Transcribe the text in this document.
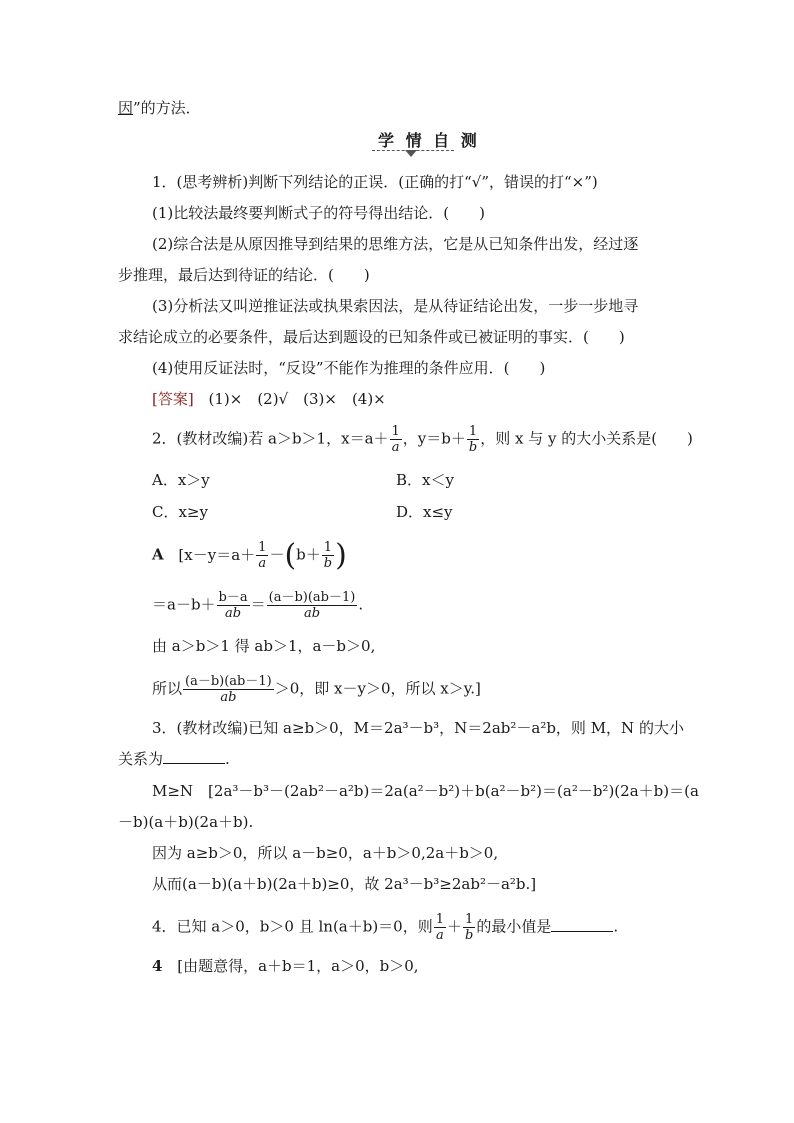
因”的方法．
学 情 自 测
1．(思考辨析)判断下列结论的正误．(正确的打“√”，错误的打“×”)
(1)比较法最终要判断式子的符号得出结论．(　　)
(2)综合法是从原因推导到结果的思维方法，它是从已知条件出发，经过逐
步推理，最后达到待证的结论．(　　)
(3)分析法又叫逆推证法或执果索因法，是从待证结论出发，一步一步地寻
求结论成立的必要条件，最后达到题设的已知条件或已被证明的事实．(　　)
(4)使用反证法时，“反设”不能作为推理的条件应用．(　　)
[答案] (1)×　(2)√　(3)×　(4)×
2．(教材改编)若 a＞b＞1，$x=a+ \frac{1}{a}$ ，$y=b+ \frac{1}{b}$ ，则 x 与 y 的大小关系是(　　)
A．x＞y	B．x＜y
C．x≥y	D．x≤y
A [$x-y=a+ \frac{1}{a} -(b+ \frac{1}{b}$ )
$=a-b+ \frac{b-a}{ab} = \frac{(a-b)(ab-1)}{ab}$ .
由 a＞b＞1 得 ab＞1，a－b＞0,
所以 $\frac{(a-b)(ab-1)}{ab} >0$，即 x－y＞0，所以 x＞y.]
3．(教材改编)已知 a≥b＞0，M＝2a³－b³，N＝2ab²－a²b，则 M，N 的大小
关系为	.
M≥N　[2a³－b³－(2ab²－a²b)＝2a(a²－b²)＋b(a²－b²)＝(a²－b²)(2a＋b)＝(a
－b)(a＋b)(2a＋b).
因为 a≥b＞0，所以 a－b≥0，a＋b＞0,2a＋b＞0,
从而(a－b)(a＋b)(2a＋b)≥0，故 2a³－b³≥2ab²－a²b.]
4．已知 a＞0，b＞0 且 ln(a＋b)＝0，则 $\frac{1}{a} + \frac{1}{b}$ 的最小值是	.
4 [由题意得，a＋b＝1，a＞0，b＞0,
